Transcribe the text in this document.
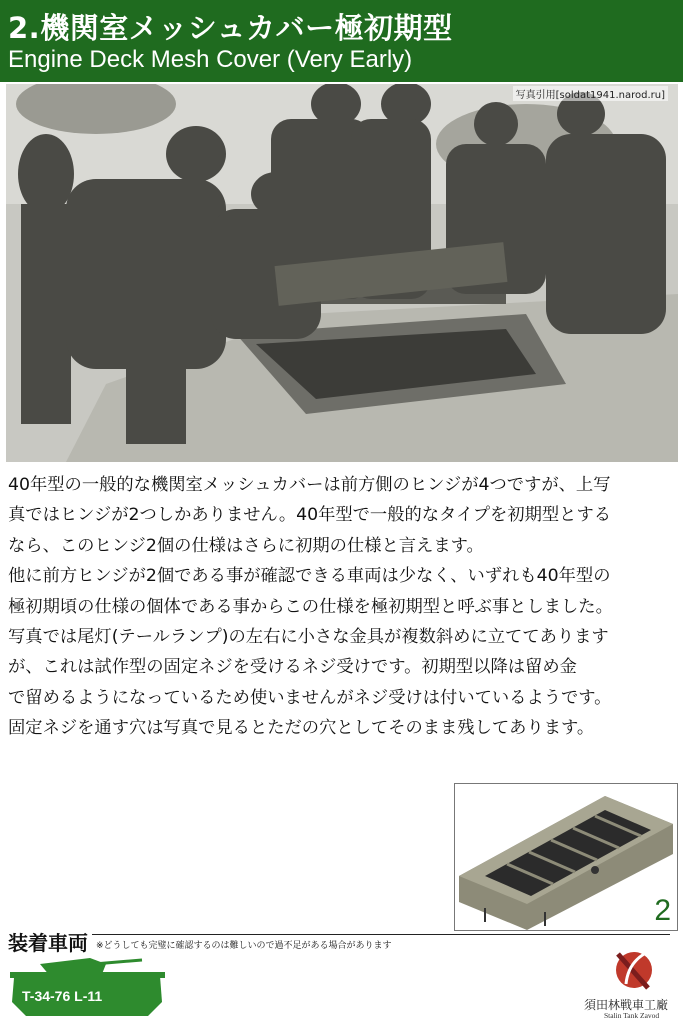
2.機関室メッシュカバー極初期型
Engine Deck Mesh Cover (Very Early)
写真引用[soldat1941.narod.ru]

40年型の一般的な機関室メッシュカバーは前方側のヒンジが4つですが、上写

真ではヒンジが2つしかありません。40年型で一般的なタイプを初期型とする

なら、このヒンジ2個の仕様はさらに初期の仕様と言えます。

他に前方ヒンジが2個である事が確認できる車両は少なく、いずれも40年型の

極初期頃の仕様の個体である事からこの仕様を極初期型と呼ぶ事としました。

写真では尾灯(テールランプ)の左右に小さな金具が複数斜めに立ててあります

が、これは試作型の固定ネジを受けるネジ受けです。初期型以降は留め金

で留めるようになっているため使いませんがネジ受けは付いているようです。

固定ネジを通す穴は写真で見るとただの穴としてそのまま残してあります。

2
装着車両 ※どうしても完璧に確認するのは難しいので過不足がある場合があります
T-34-76 L-11
須田林戦車工廠
Stalin Tank Zavod
